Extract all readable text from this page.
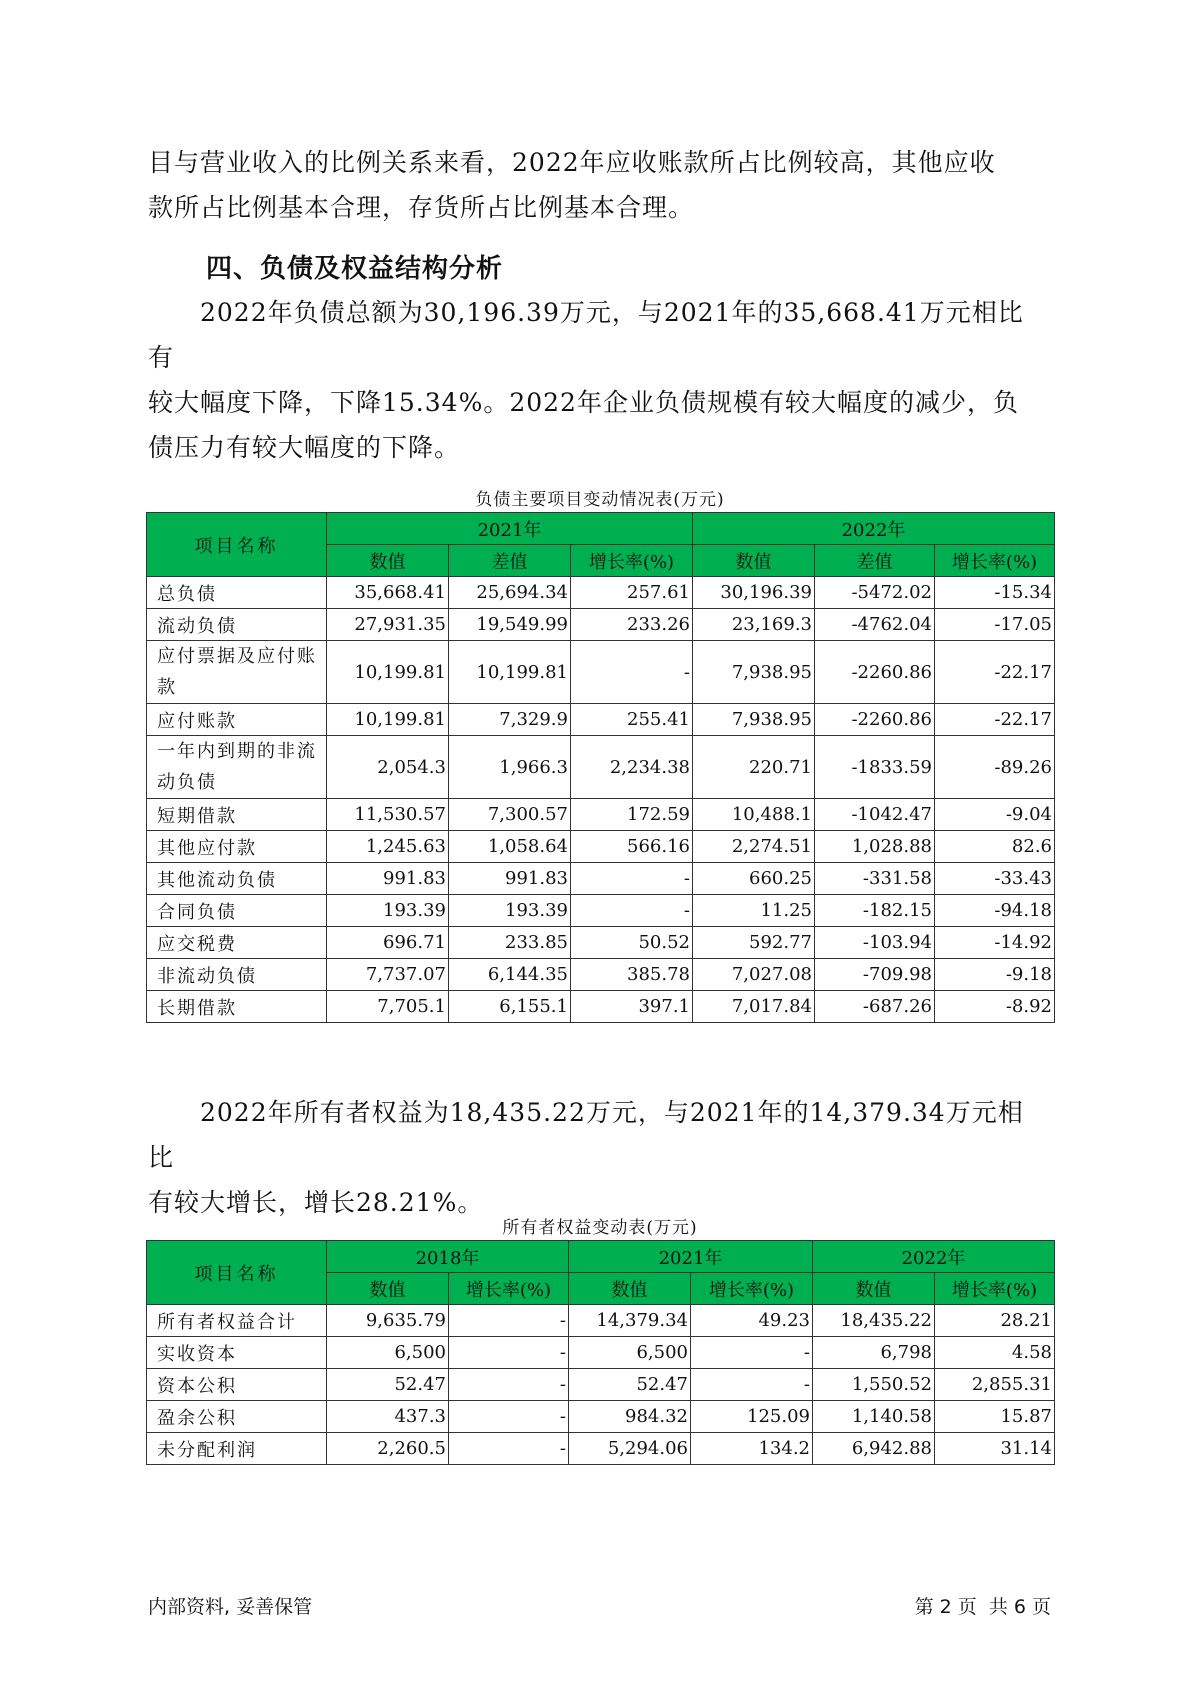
目与营业收入的比例关系来看，2022年应收账款所占比例较高，其他应收
款所占比例基本合理，存货所占比例基本合理。

四、负债及权益结构分析

2022年负债总额为30,196.39万元，与2021年的35,668.41万元相比有
较大幅度下降，下降15.34%。2022年企业负债规模有较大幅度的减少，负
债压力有较大幅度的下降。

负债主要项目变动情况表(万元)
项目名称	2021年			2022年		
	数值	差值	增长率(%)	数值	差值	增长率(%)
总负债	35,668.41	25,694.34	257.61	30,196.39	-5472.02	-15.34
流动负债	27,931.35	19,549.99	233.26	23,169.3	-4762.04	-17.05
应付票据及应付账款	10,199.81	10,199.81	-	7,938.95	-2260.86	-22.17
应付账款	10,199.81	7,329.9	255.41	7,938.95	-2260.86	-22.17
一年内到期的非流动负债	2,054.3	1,966.3	2,234.38	220.71	-1833.59	-89.26
短期借款	11,530.57	7,300.57	172.59	10,488.1	-1042.47	-9.04
其他应付款	1,245.63	1,058.64	566.16	2,274.51	1,028.88	82.6
其他流动负债	991.83	991.83	-	660.25	-331.58	-33.43
合同负债	193.39	193.39	-	11.25	-182.15	-94.18
应交税费	696.71	233.85	50.52	592.77	-103.94	-14.92
非流动负债	7,737.07	6,144.35	385.78	7,027.08	-709.98	-9.18
长期借款	7,705.1	6,155.1	397.1	7,017.84	-687.26	-8.92

2022年所有者权益为18,435.22万元，与2021年的14,379.34万元相比
有较大增长，增长28.21%。

所有者权益变动表(万元)
项目名称	2018年		2021年		2022年	
	数值	增长率(%)	数值	增长率(%)	数值	增长率(%)
所有者权益合计	9,635.79	-	14,379.34	49.23	18,435.22	28.21
实收资本	6,500	-	6,500	-	6,798	4.58
资本公积	52.47	-	52.47	-	1,550.52	2,855.31
盈余公积	437.3	-	984.32	125.09	1,140.58	15.87
未分配利润	2,260.5	-	5,294.06	134.2	6,942.88	31.14
内部资料, 妥善保管	第 2 页  共 6 页
